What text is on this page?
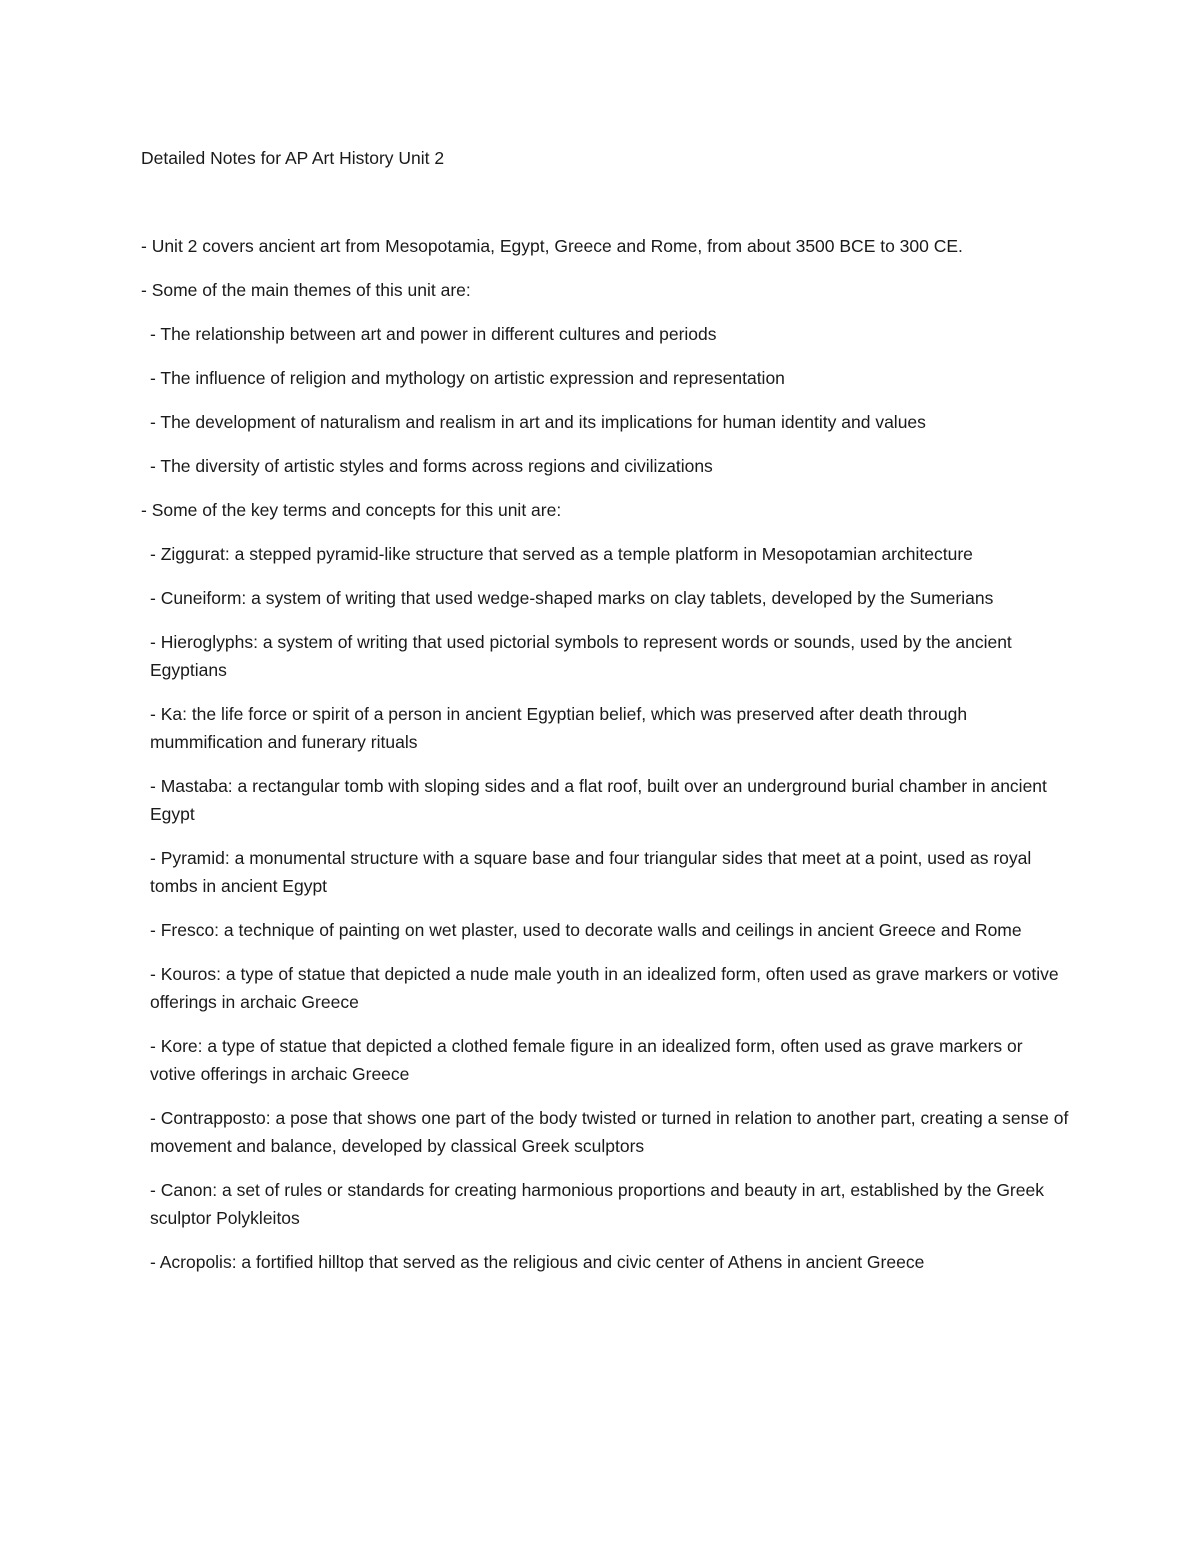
Detailed Notes for AP Art History Unit 2

- Unit 2 covers ancient art from Mesopotamia, Egypt, Greece and Rome, from about 3500 BCE to 300 CE.

- Some of the main themes of this unit are:

- The relationship between art and power in different cultures and periods

- The influence of religion and mythology on artistic expression and representation

- The development of naturalism and realism in art and its implications for human identity and values

- The diversity of artistic styles and forms across regions and civilizations

- Some of the key terms and concepts for this unit are:

- Ziggurat: a stepped pyramid-like structure that served as a temple platform in Mesopotamian architecture

- Cuneiform: a system of writing that used wedge-shaped marks on clay tablets, developed by the Sumerians

- Hieroglyphs: a system of writing that used pictorial symbols to represent words or sounds, used by the ancient Egyptians

- Ka: the life force or spirit of a person in ancient Egyptian belief, which was preserved after death through mummification and funerary rituals

- Mastaba: a rectangular tomb with sloping sides and a flat roof, built over an underground burial chamber in ancient Egypt

- Pyramid: a monumental structure with a square base and four triangular sides that meet at a point, used as royal tombs in ancient Egypt

- Fresco: a technique of painting on wet plaster, used to decorate walls and ceilings in ancient Greece and Rome

- Kouros: a type of statue that depicted a nude male youth in an idealized form, often used as grave markers or votive offerings in archaic Greece

- Kore: a type of statue that depicted a clothed female figure in an idealized form, often used as grave markers or votive offerings in archaic Greece

- Contrapposto: a pose that shows one part of the body twisted or turned in relation to another part, creating a sense of movement and balance, developed by classical Greek sculptors

- Canon: a set of rules or standards for creating harmonious proportions and beauty in art, established by the Greek sculptor Polykleitos

- Acropolis: a fortified hilltop that served as the religious and civic center of Athens in ancient Greece
